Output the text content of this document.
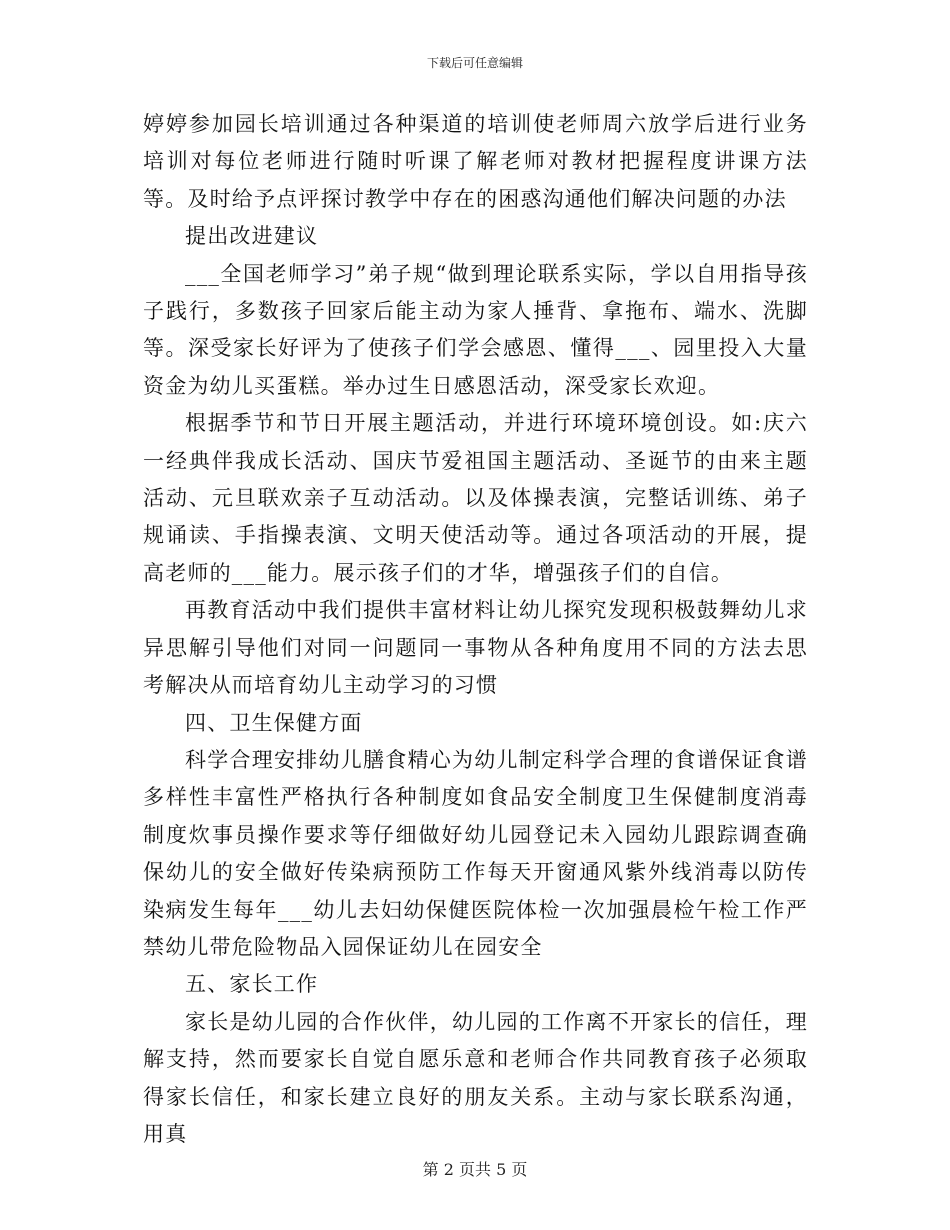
下载后可任意编辑

婷婷参加园长培训通过各种渠道的培训使老师周六放学后进行业务培训对每位老师进行随时听课了解老师对教材把握程度讲课方法等。及时给予点评探讨教学中存在的困惑沟通他们解决问题的办法

提出改进建议

___全国老师学习”弟子规“做到理论联系实际，学以自用指导孩子践行，多数孩子回家后能主动为家人捶背、拿拖布、端水、洗脚等。深受家长好评为了使孩子们学会感恩、懂得___、园里投入大量资金为幼儿买蛋糕。举办过生日感恩活动，深受家长欢迎。

根据季节和节日开展主题活动，并进行环境环境创设。如:庆六一经典伴我成长活动、国庆节爱祖国主题活动、圣诞节的由来主题活动、元旦联欢亲子互动活动。以及体操表演，完整话训练、弟子规诵读、手指操表演、文明天使活动等。通过各项活动的开展，提高老师的___能力。展示孩子们的才华，增强孩子们的自信。

再教育活动中我们提供丰富材料让幼儿探究发现积极鼓舞幼儿求异思解引导他们对同一问题同一事物从各种角度用不同的方法去思考解决从而培育幼儿主动学习的习惯

四、卫生保健方面

科学合理安排幼儿膳食精心为幼儿制定科学合理的食谱保证食谱多样性丰富性严格执行各种制度如食品安全制度卫生保健制度消毒制度炊事员操作要求等仔细做好幼儿园登记未入园幼儿跟踪调查确保幼儿的安全做好传染病预防工作每天开窗通风紫外线消毒以防传染病发生每年___幼儿去妇幼保健医院体检一次加强晨检午检工作严禁幼儿带危险物品入园保证幼儿在园安全

五、家长工作

家长是幼儿园的合作伙伴，幼儿园的工作离不开家长的信任，理解支持，然而要家长自觉自愿乐意和老师合作共同教育孩子必须取得家长信任，和家长建立良好的朋友关系。主动与家长联系沟通，用真

第 2 页共 5 页
